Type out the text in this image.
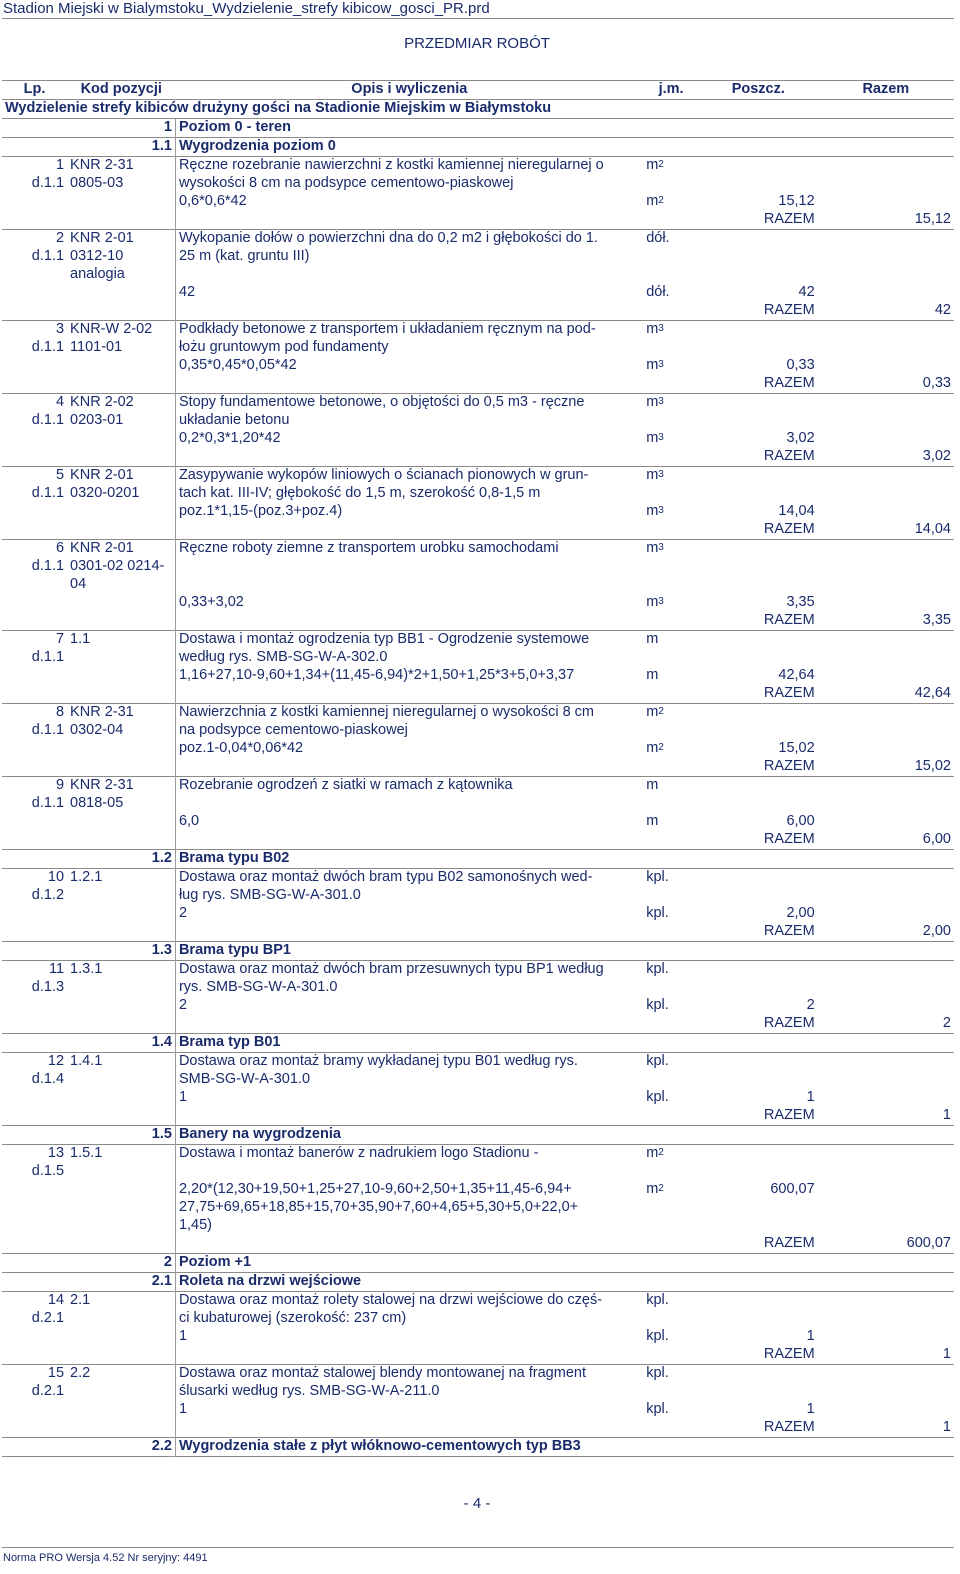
Stadion Miejski w Bialymstoku_Wydzielenie_strefy kibicow_gosci_PR.prd
PRZEDMIAR ROBÓT
Lp.	Kod pozycji	Opis i wyliczenia	j.m.	Poszcz.	Razem
Wydzielenie strefy kibiców drużyny gości na Stadionie Miejskim w Białymstoku					
1		Poziom 0 - teren			
1.1		Wygrodzenia poziom 0			
1	KNR 2-31	Ręczne rozebranie nawierzchni z kostki kamiennej nieregularnej o	$m^2$		
d.1.1	0805-03	wysokości 8 cm na podsypce cementowo-piaskowej			
		0,6*0,6*42	$m^2$	15,12	
				RAZEM	15,12
2	KNR 2-01	Wykopanie dołów o powierzchni dna do 0,2 m2 i głębokości do 1.	dół.		
d.1.1	0312-10	25 m (kat. gruntu III)			
	analogia				
		42	dół.	42	
				RAZEM	42
3	KNR-W 2-02	Podkłady betonowe z transportem i układaniem ręcznym na pod-	$m^3$		
d.1.1	1101-01	łożu gruntowym pod fundamenty			
		0,35*0,45*0,05*42	$m^3$	0,33	
				RAZEM	0,33
4	KNR 2-02	Stopy fundamentowe betonowe, o objętości do 0,5 m3 - ręczne	$m^3$		
d.1.1	0203-01	układanie betonu			
		0,2*0,3*1,20*42	$m^3$	3,02	
				RAZEM	3,02
5	KNR 2-01	Zasypywanie wykopów liniowych o ścianach pionowych w grun-	$m^3$		
d.1.1	0320-0201	tach kat. III-IV; głębokość do 1,5 m, szerokość 0,8-1,5 m			
		poz.1*1,15-(poz.3+poz.4)	$m^3$	14,04	
				RAZEM	14,04
6	KNR 2-01	Ręczne roboty ziemne z transportem urobku samochodami	$m^3$		
d.1.1	0301-02 0214-				
	04				
		0,33+3,02	$m^3$	3,35	
				RAZEM	3,35
7	1.1	Dostawa i montaż ogrodzenia typ BB1 - Ogrodzenie systemowe	m		
d.1.1		według rys. SMB-SG-W-A-302.0			
		1,16+27,10-9,60+1,34+(11,45-6,94)*2+1,50+1,25*3+5,0+3,37	m	42,64	
				RAZEM	42,64
8	KNR 2-31	Nawierzchnia z kostki kamiennej nieregularnej o wysokości 8 cm	$m^2$		
d.1.1	0302-04	na podsypce cementowo-piaskowej			
		poz.1-0,04*0,06*42	$m^2$	15,02	
				RAZEM	15,02
9	KNR 2-31	Rozebranie ogrodzeń z siatki w ramach z kątownika	m		
d.1.1	0818-05				
		6,0	m	6,00	
				RAZEM	6,00
1.2		Brama typu B02			
10	1.2.1	Dostawa oraz montaż dwóch bram typu B02 samonośnych wed-	kpl.		
d.1.2		ług rys. SMB-SG-W-A-301.0			
		2	kpl.	2,00	
				RAZEM	2,00
1.3		Brama typu BP1			
11	1.3.1	Dostawa oraz montaż dwóch bram przesuwnych typu BP1 według	kpl.		
d.1.3		rys. SMB-SG-W-A-301.0			
		2	kpl.	2	
				RAZEM	2
1.4		Brama typ B01			
12	1.4.1	Dostawa oraz montaż bramy wykładanej typu B01 według rys.	kpl.		
d.1.4		SMB-SG-W-A-301.0			
		1	kpl.	1	
				RAZEM	1
1.5		Banery na wygrodzenia			
13	1.5.1	Dostawa i montaż banerów z nadrukiem logo Stadionu -	$m^2$		
d.1.5					
		2,20*(12,30+19,50+1,25+27,10-9,60+2,50+1,35+11,45-6,94+	$m^2$	600,07	
		27,75+69,65+18,85+15,70+35,90+7,60+4,65+5,30+5,0+22,0+			
		1,45)			
				RAZEM	600,07
2		Poziom +1			
2.1		Roleta na drzwi wejściowe			
14	2.1	Dostawa oraz montaż rolety stalowej na drzwi wejściowe do częś-	kpl.		
d.2.1		ci kubaturowej (szerokość: 237 cm)			
		1	kpl.	1	
				RAZEM	1
15	2.2	Dostawa oraz montaż stalowej blendy montowanej na fragment	kpl.		
d.2.1		ślusarki według rys. SMB-SG-W-A-211.0			
		1	kpl.	1	
				RAZEM	1
2.2		Wygrodzenia stałe z płyt włóknowo-cementowych typ BB3			

- 4 -
Norma PRO Wersja 4.52 Nr seryjny: 4491
